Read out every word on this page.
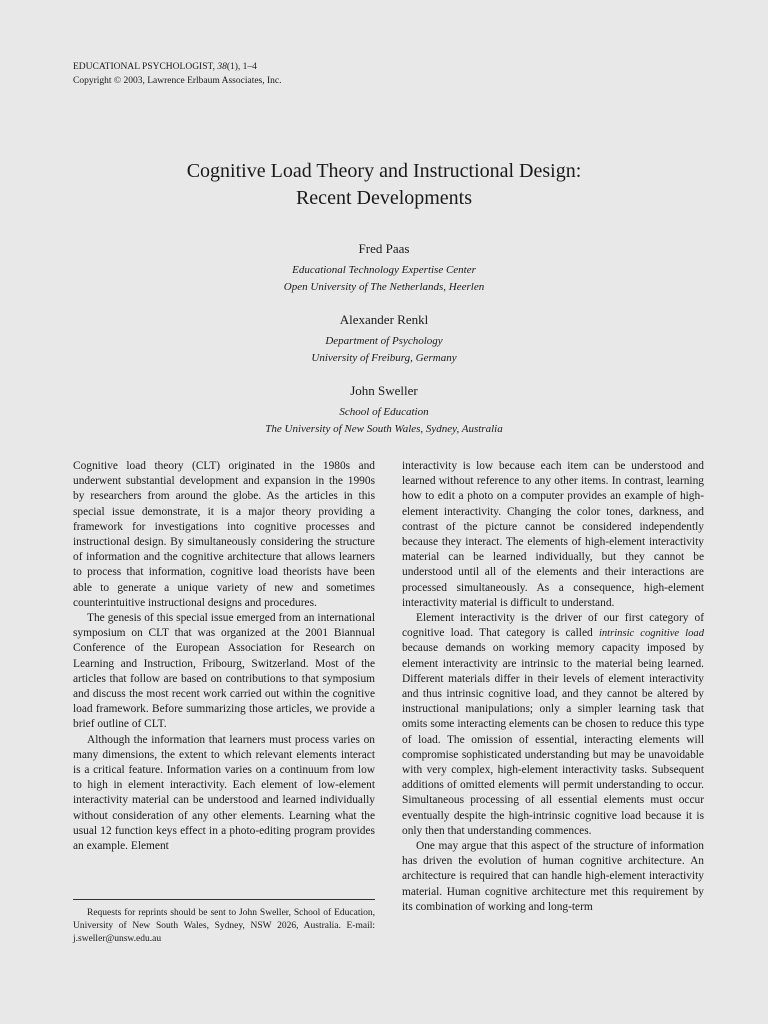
EDUCATIONAL PSYCHOLOGIST, 38(1), 1–4
Copyright © 2003, Lawrence Erlbaum Associates, Inc.
Cognitive Load Theory and Instructional Design:
Recent Developments
Fred Paas
Educational Technology Expertise Center
Open University of The Netherlands, Heerlen
Alexander Renkl
Department of Psychology
University of Freiburg, Germany
John Sweller
School of Education
The University of New South Wales, Sydney, Australia

Cognitive load theory (CLT) originated in the 1980s and underwent substantial development and expansion in the 1990s by researchers from around the globe. As the articles in this special issue demonstrate, it is a major theory providing a framework for investigations into cognitive processes and instructional design. By simultaneously considering the structure of information and the cognitive architecture that allows learners to process that information, cognitive load theorists have been able to generate a unique variety of new and sometimes counterintuitive instructional designs and procedures.

The genesis of this special issue emerged from an international symposium on CLT that was organized at the 2001 Biannual Conference of the European Association for Research on Learning and Instruction, Fribourg, Switzerland. Most of the articles that follow are based on contributions to that symposium and discuss the most recent work carried out within the cognitive load framework. Before summarizing those articles, we provide a brief outline of CLT.

Although the information that learners must process varies on many dimensions, the extent to which relevant elements interact is a critical feature. Information varies on a continuum from low to high in element interactivity. Each element of low-element interactivity material can be understood and learned individually without consideration of any other elements. Learning what the usual 12 function keys effect in a photo-editing program provides an example. Element

interactivity is low because each item can be understood and learned without reference to any other items. In contrast, learning how to edit a photo on a computer provides an example of high-element interactivity. Changing the color tones, darkness, and contrast of the picture cannot be considered independently because they interact. The elements of high-element interactivity material can be learned individually, but they cannot be understood until all of the elements and their interactions are processed simultaneously. As a consequence, high-element interactivity material is difficult to understand.

Element interactivity is the driver of our first category of cognitive load. That category is called intrinsic cognitive load because demands on working memory capacity imposed by element interactivity are intrinsic to the material being learned. Different materials differ in their levels of element interactivity and thus intrinsic cognitive load, and they cannot be altered by instructional manipulations; only a simpler learning task that omits some interacting elements can be chosen to reduce this type of load. The omission of essential, interacting elements will compromise sophisticated understanding but may be unavoidable with very complex, high-element interactivity tasks. Subsequent additions of omitted elements will permit understanding to occur. Simultaneous processing of all essential elements must occur eventually despite the high-intrinsic cognitive load because it is only then that understanding commences.

One may argue that this aspect of the structure of information has driven the evolution of human cognitive architecture. An architecture is required that can handle high-element interactivity material. Human cognitive architecture met this requirement by its combination of working and long-term

Requests for reprints should be sent to John Sweller, School of Education, University of New South Wales, Sydney, NSW 2026, Australia. E-mail: j.sweller@unsw.edu.au
